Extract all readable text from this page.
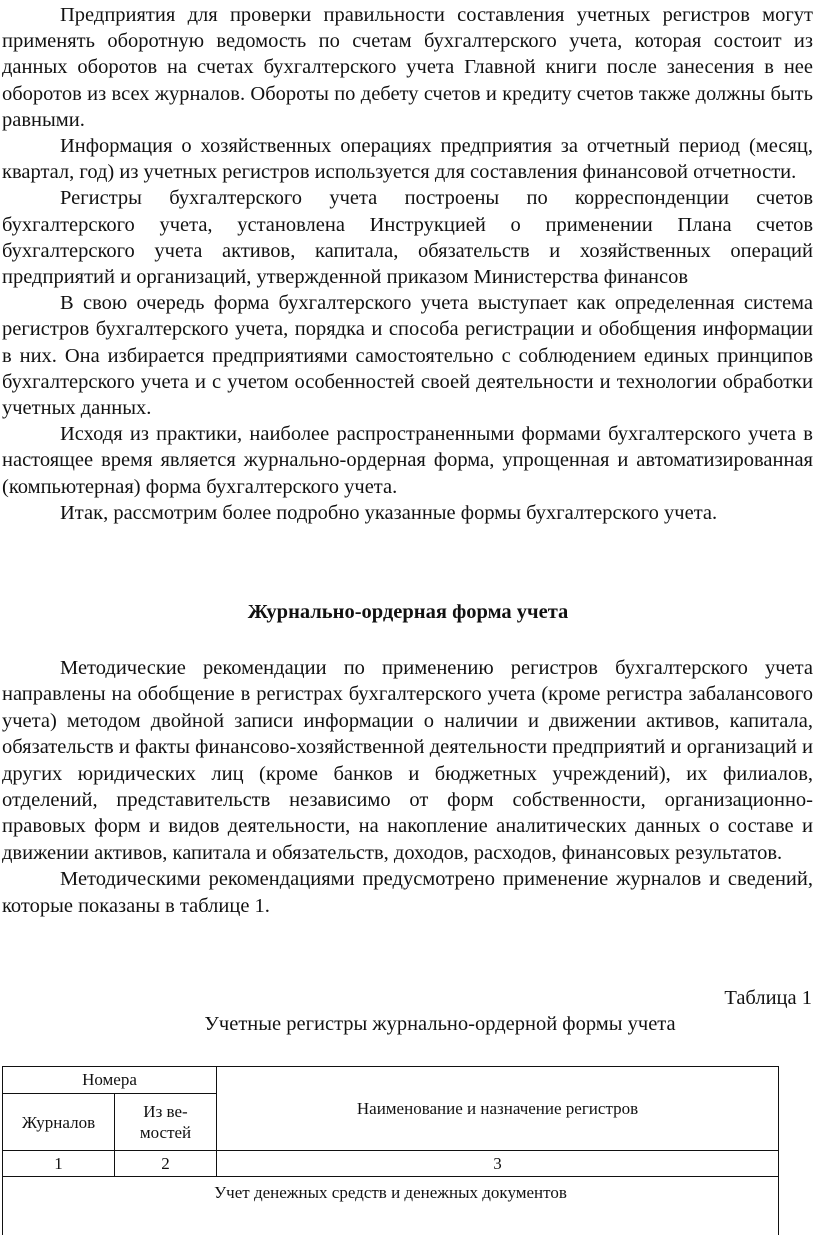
Предприятия для проверки правильности составления учетных регистров могут применять оборотную ведомость по счетам бухгалтерского учета, которая состоит из данных оборотов на счетах бухгалтерского учета Главной книги после занесения в нее оборотов из всех журналов. Обороты по дебету счетов и кредиту счетов также должны быть равными.

Информация о хозяйственных операциях предприятия за отчетный период (месяц, квартал, год) из учетных регистров используется для составления финансовой отчетности.

Регистры бухгалтерского учета построены по корреспонденции счетов бухгалтерского учета, установлена Инструкцией о применении Плана счетов бухгалтерского учета активов, капитала, обязательств и хозяйственных операций предприятий и организаций, утвержденной приказом Министерства финансов

В свою очередь форма бухгалтерского учета выступает как определенная система регистров бухгалтерского учета, порядка и способа регистрации и обобщения информации в них. Она избирается предприятиями самостоятельно с соблюдением единых принципов бухгалтерского учета и с учетом особенностей своей деятельности и технологии обработки учетных данных.

Исходя из практики, наиболее распространенными формами бухгалтерского учета в настоящее время является журнально-ордерная форма, упрощенная и автоматизированная (компьютерная) форма бухгалтерского учета.

Итак, рассмотрим более подробно указанные формы бухгалтерского учета.

Журнально-ордерная форма учета

Методические рекомендации по применению регистров бухгалтерского учета направлены на обобщение в регистрах бухгалтерского учета (кроме регистра забалансового учета) методом двойной записи информации о наличии и движении активов, капитала, обязательств и факты финансово-хозяйственной деятельности предприятий и организаций и других юридических лиц (кроме банков и бюджетных учреждений), их филиалов, отделений, представительств независимо от форм собственности, организационно-правовых форм и видов деятельности, на накопление аналитических данных о составе и движении активов, капитала и обязательств, доходов, расходов, финансовых результатов.

Методическими рекомендациями предусмотрено применение журналов и сведений, которые показаны в таблице 1.

Таблица 1
Учетные регистры журнально-ордерной формы учета
Номера		Наименование и назначение регистров
Журналов	Из ве-
мостей	
1	2	3
Учет денежных средств и денежных документов		
